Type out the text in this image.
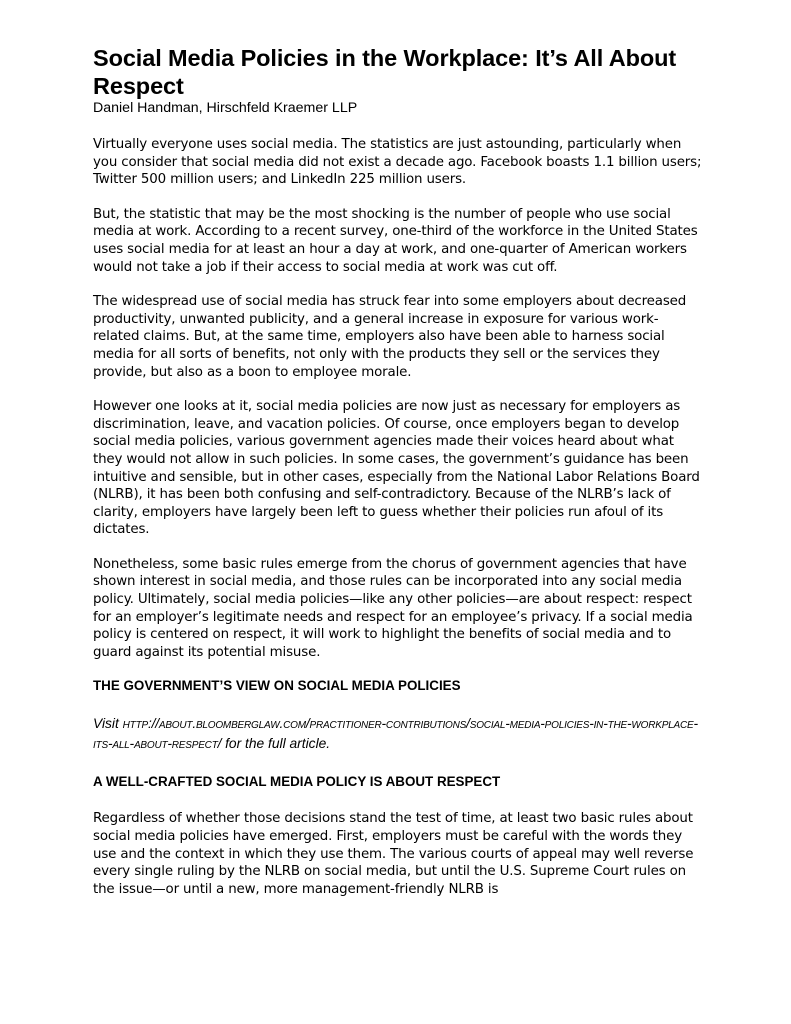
Social Media Policies in the Workplace: It’s All About Respect

Daniel Handman, Hirschfeld Kraemer LLP

Virtually everyone uses social media. The statistics are just astounding, particularly when you consider that social media did not exist a decade ago. Facebook boasts 1.1 billion users; Twitter 500 million users; and LinkedIn 225 million users.

But, the statistic that may be the most shocking is the number of people who use social media at work. According to a recent survey, one-third of the workforce in the United States uses social media for at least an hour a day at work, and one-quarter of American workers would not take a job if their access to social media at work was cut off.

The widespread use of social media has struck fear into some employers about decreased productivity, unwanted publicity, and a general increase in exposure for various work-related claims. But, at the same time, employers also have been able to harness social media for all sorts of benefits, not only with the products they sell or the services they provide, but also as a boon to employee morale.

However one looks at it, social media policies are now just as necessary for employers as discrimination, leave, and vacation policies. Of course, once employers began to develop social media policies, various government agencies made their voices heard about what they would not allow in such policies. In some cases, the government’s guidance has been intuitive and sensible, but in other cases, especially from the National Labor Relations Board (NLRB), it has been both confusing and self-contradictory. Because of the NLRB’s lack of clarity, employers have largely been left to guess whether their policies run afoul of its dictates.

Nonetheless, some basic rules emerge from the chorus of government agencies that have shown interest in social media, and those rules can be incorporated into any social media policy. Ultimately, social media policies—like any other policies—are about respect: respect for an employer’s legitimate needs and respect for an employee’s privacy. If a social media policy is centered on respect, it will work to highlight the benefits of social media and to guard against its potential misuse.

THE GOVERNMENT’S VIEW ON SOCIAL MEDIA POLICIES

Visit http://about.bloomberglaw.com/practitioner-contributions/social-media-policies-in-the-workplace-its-all-about-respect/ for the full article.

A WELL-CRAFTED SOCIAL MEDIA POLICY IS ABOUT RESPECT

Regardless of whether those decisions stand the test of time, at least two basic rules about social media policies have emerged. First, employers must be careful with the words they use and the context in which they use them. The various courts of appeal may well reverse every single ruling by the NLRB on social media, but until the U.S. Supreme Court rules on the issue—or until a new, more management-friendly NLRB is
